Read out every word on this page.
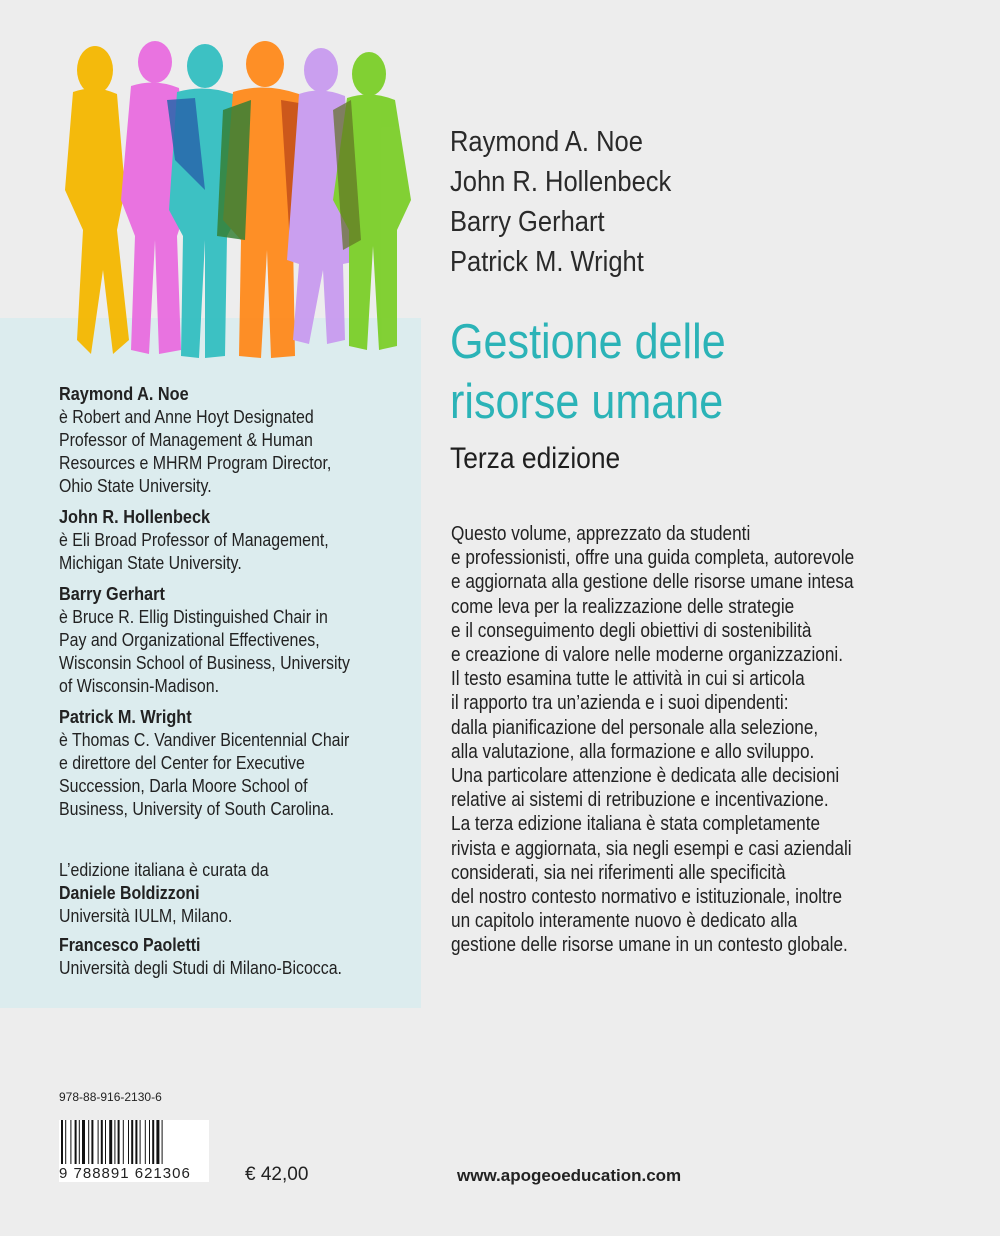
Raymond A. Noe
John R. Hollenbeck
Barry Gerhart
Patrick M. Wright
Gestione delle
risorse umane
Terza edizione
Questo volume, apprezzato da studenti
e professionisti, offre una guida completa, autorevole
e aggiornata alla gestione delle risorse umane intesa
come leva per la realizzazione delle strategie
e il conseguimento degli obiettivi di sostenibilità
e creazione di valore nelle moderne organizzazioni.
Il testo esamina tutte le attività in cui si articola
il rapporto tra un’azienda e i suoi dipendenti:
dalla pianificazione del personale alla selezione,
alla valutazione, alla formazione e allo sviluppo.
Una particolare attenzione è dedicata alle decisioni
relative ai sistemi di retribuzione e incentivazione.
La terza edizione italiana è stata completamente
rivista e aggiornata, sia negli esempi e casi aziendali
considerati, sia nei riferimenti alle specificità
del nostro contesto normativo e istituzionale, inoltre
un capitolo interamente nuovo è dedicato alla
gestione delle risorse umane in un contesto globale.
Raymond A. Noe
è Robert and Anne Hoyt Designated
Professor of Management & Human
Resources e MHRM Program Director,
Ohio State University.
John R. Hollenbeck
è Eli Broad Professor of Management,
Michigan State University.
Barry Gerhart
è Bruce R. Ellig Distinguished Chair in
Pay and Organizational Effectivenes,
Wisconsin School of Business, University
of Wisconsin-Madison.
Patrick M. Wright
è Thomas C. Vandiver Bicentennial Chair
e direttore del Center for Executive
Succession, Darla Moore School of
Business, University of South Carolina.
L’edizione italiana è curata da
Daniele Boldizzoni
Università IULM, Milano.
Francesco Paoletti
Università degli Studi di Milano-Bicocca.
978-88-916-2130-6
9 788891 621306	€ 42,00	www.apogeoeducation.com
